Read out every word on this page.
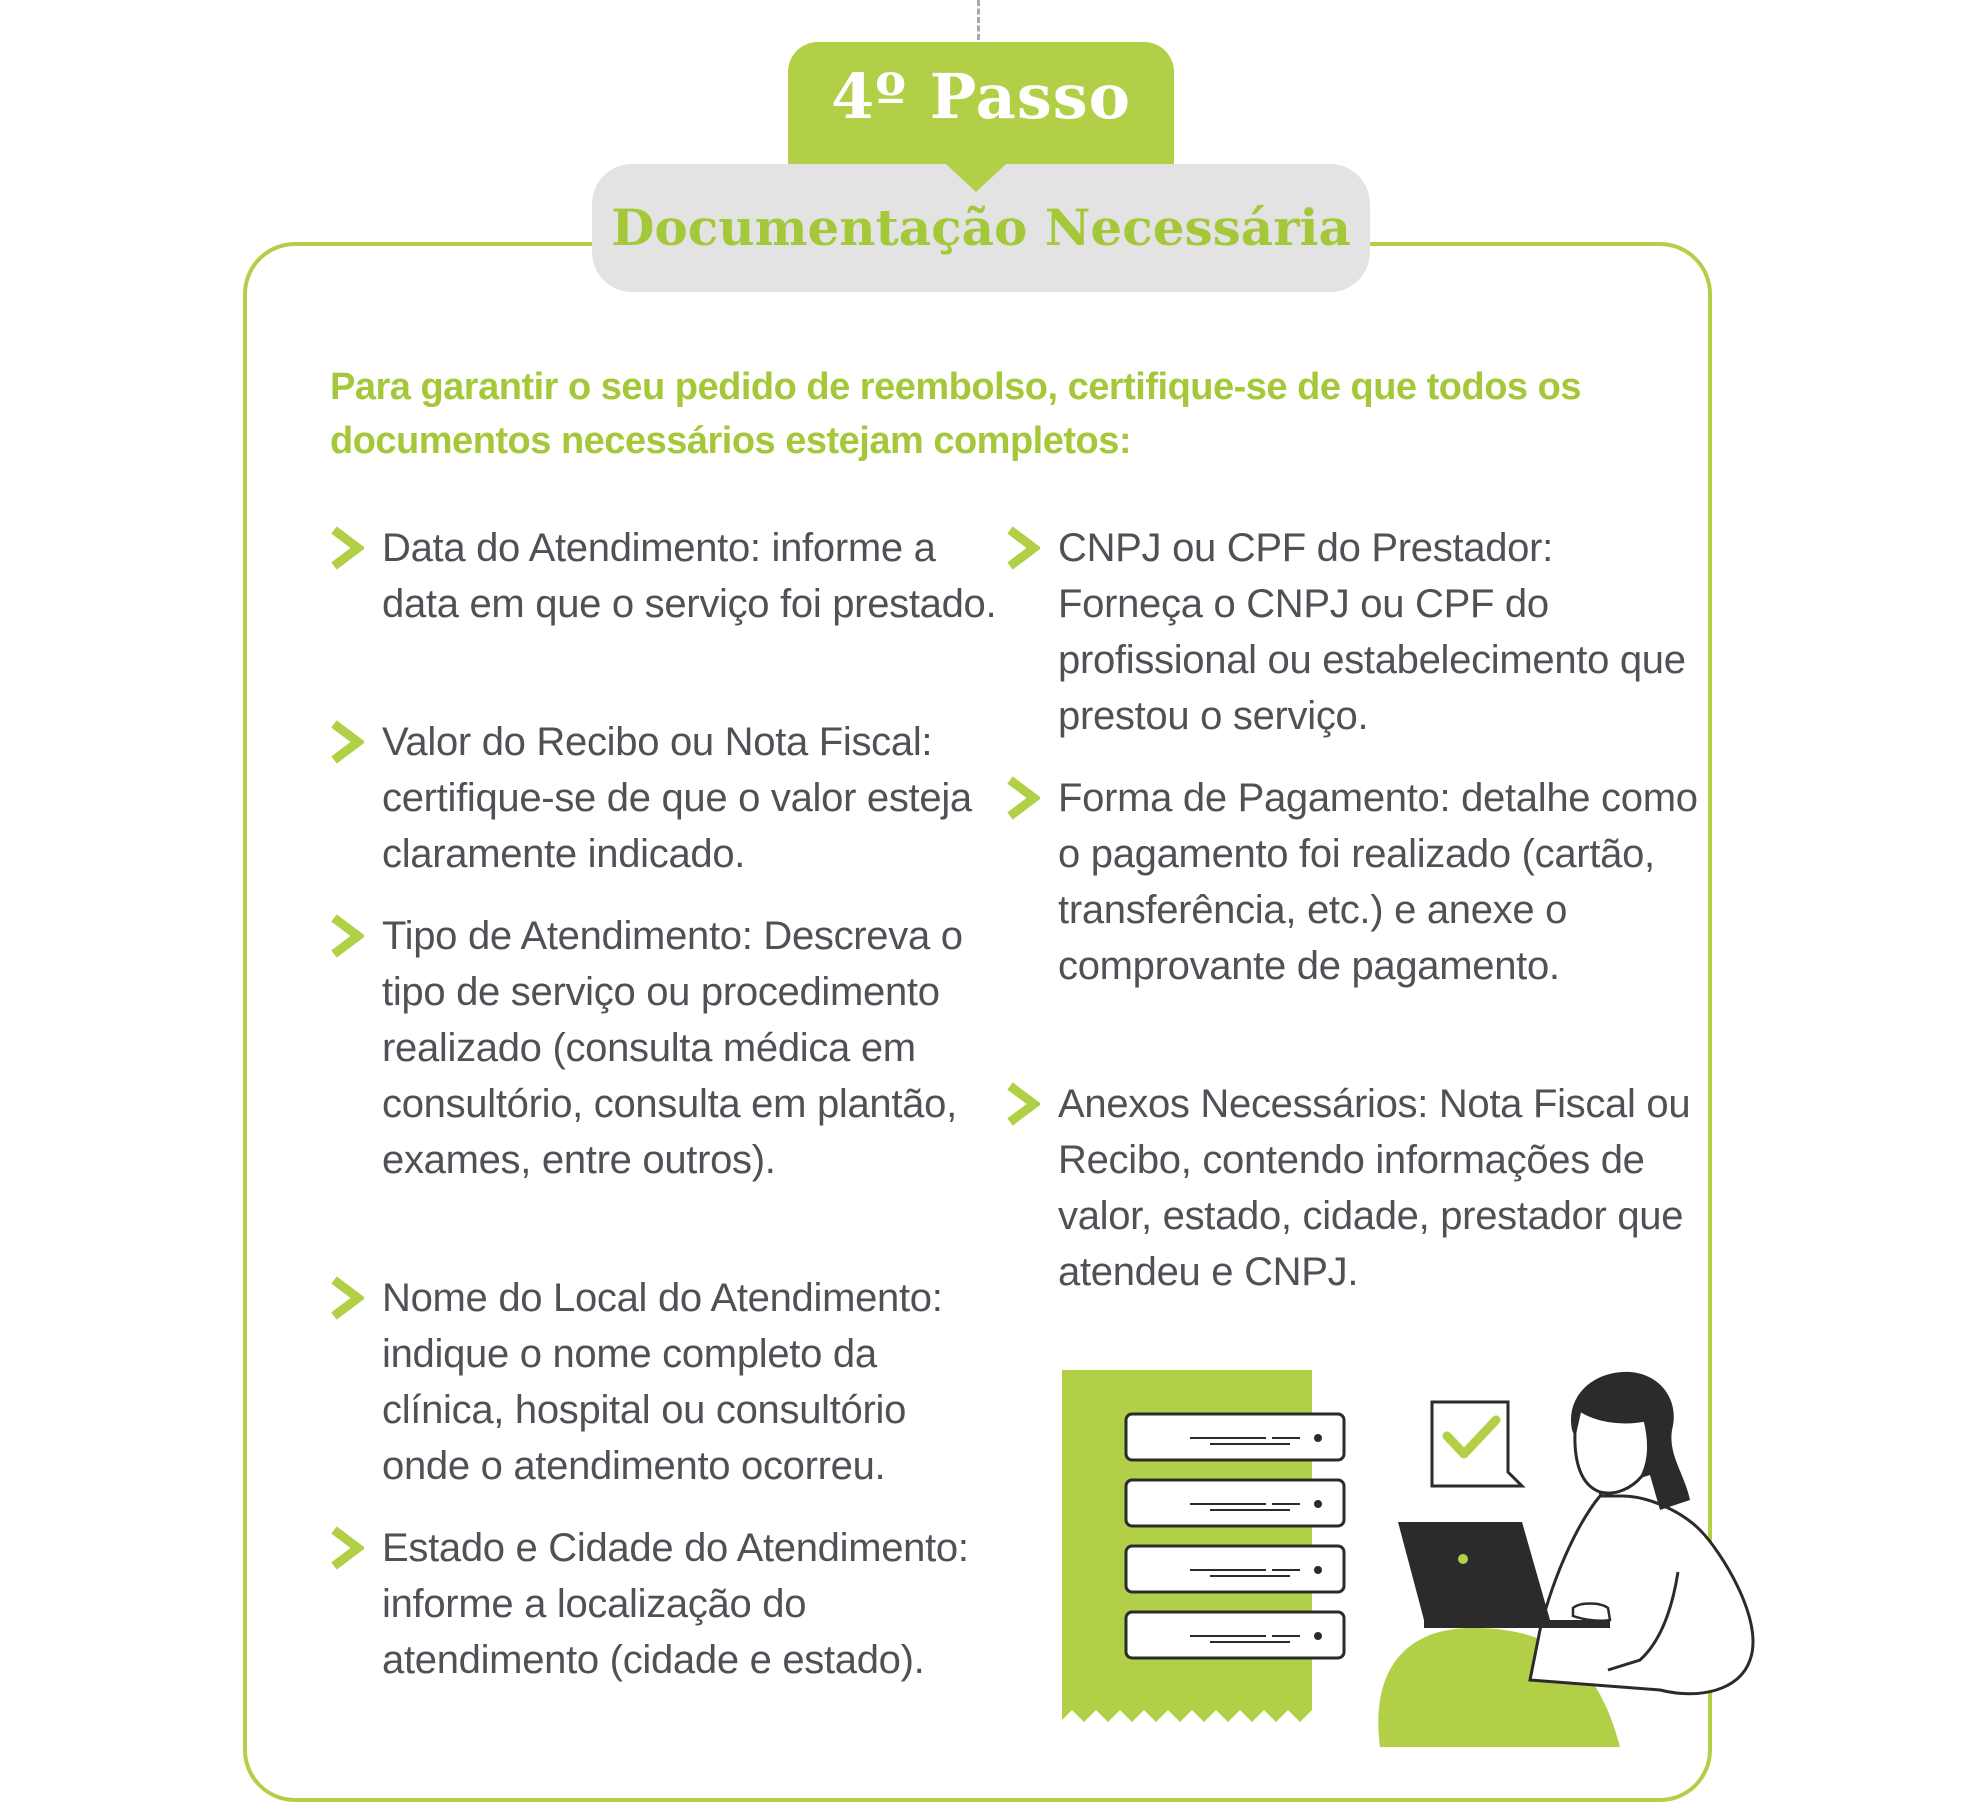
4º Passo
Documentação Necessária

Para garantir o seu pedido de reembolso, certifique-se de que todos os documentos necessários estejam completos:

Data do Atendimento: informe a data em que o serviço foi prestado.

Valor do Recibo ou Nota Fiscal: certifique-se de que o valor esteja claramente indicado.

Tipo de Atendimento: Descreva o tipo de serviço ou procedimento realizado (consulta médica em consultório, consulta em plantão, exames, entre outros).

Nome do Local do Atendimento: indique o nome completo da clínica, hospital ou consultório onde o atendimento ocorreu.

Estado e Cidade do Atendimento: informe a localização do atendimento (cidade e estado).

CNPJ ou CPF do Prestador: Forneça o CNPJ ou CPF do profissional ou estabelecimento que prestou o serviço.

Forma de Pagamento: detalhe como o pagamento foi realizado (cartão, transferência, etc.) e anexe o comprovante de pagamento.

Anexos Necessários: Nota Fiscal ou Recibo, contendo informações de valor, estado, cidade, prestador que atendeu e CNPJ.
